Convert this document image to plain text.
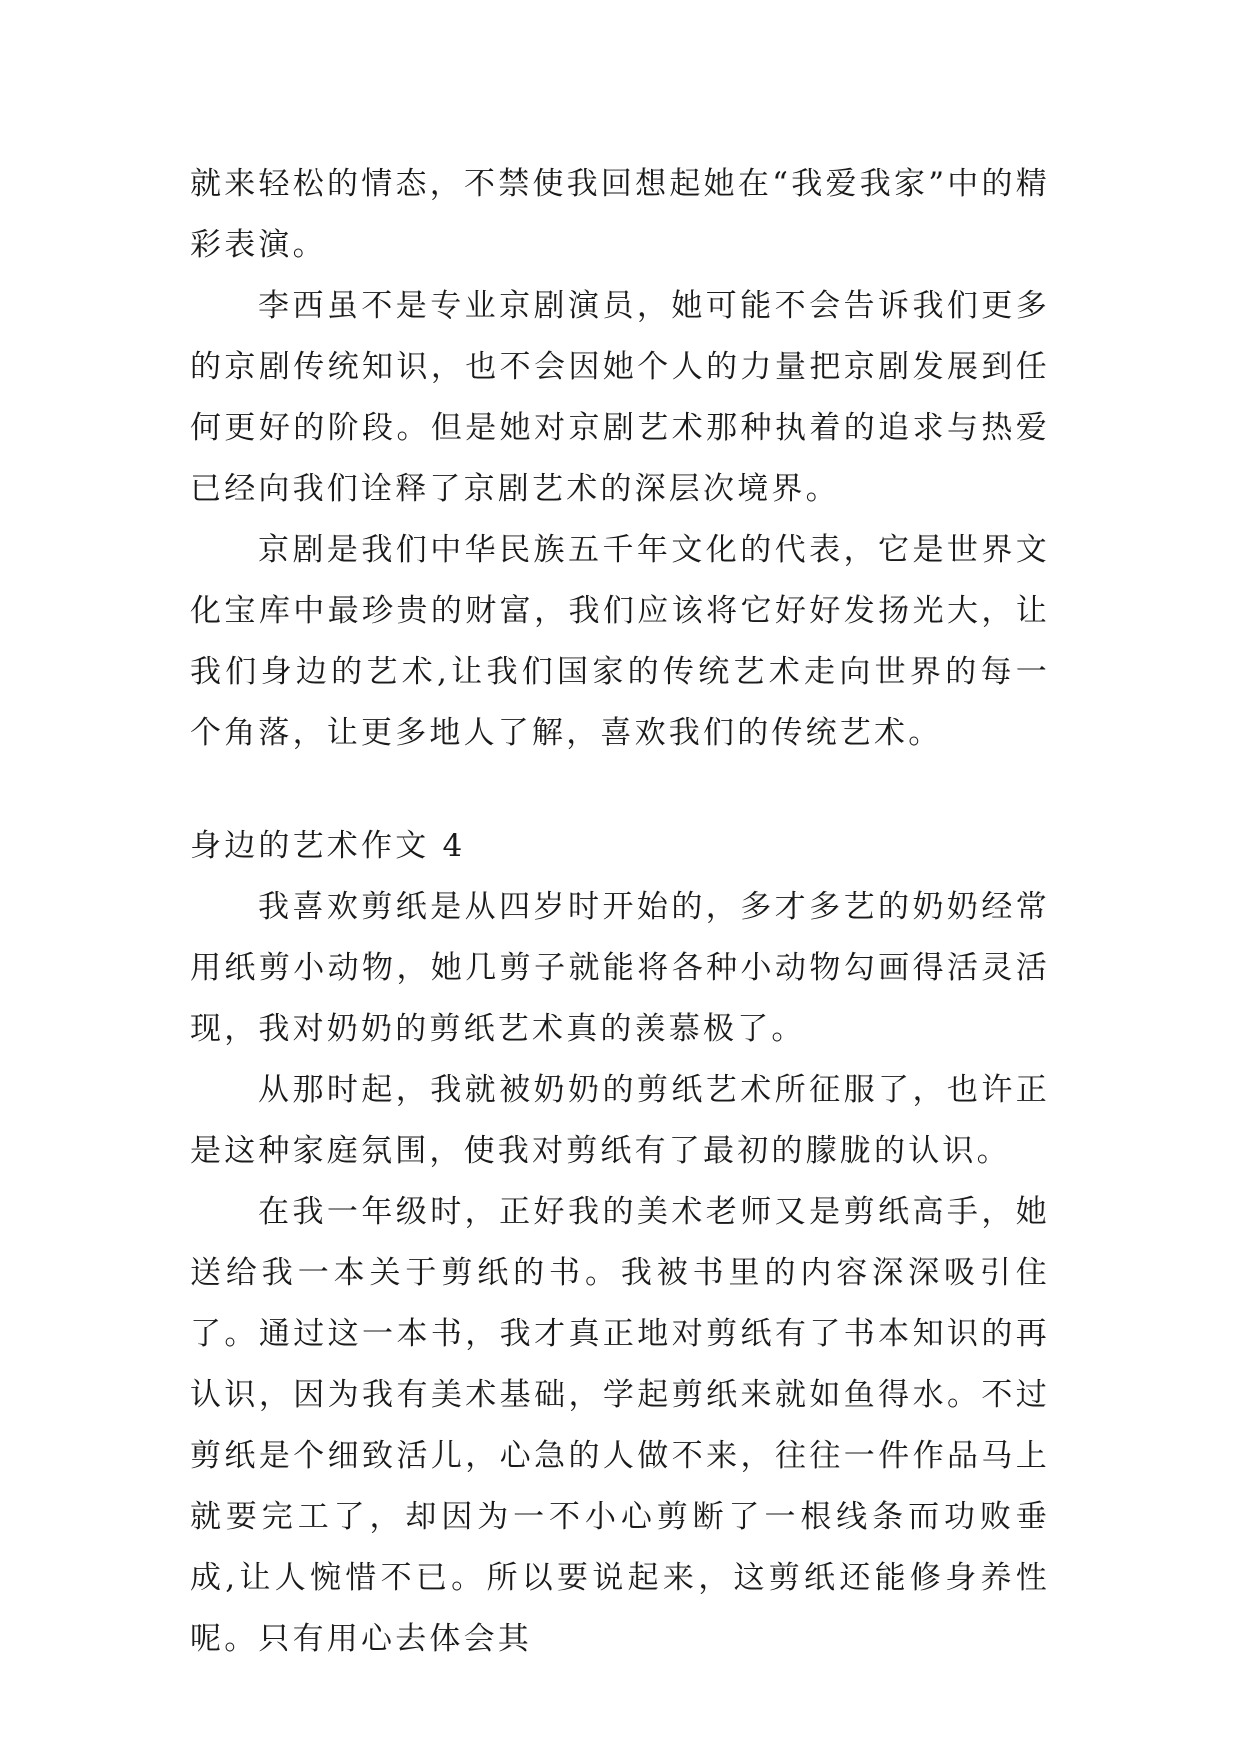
就来轻松的情态，不禁使我回想起她在“我爱我家”中的精彩表演。

李西虽不是专业京剧演员，她可能不会告诉我们更多的京剧传统知识，也不会因她个人的力量把京剧发展到任何更好的阶段。但是她对京剧艺术那种执着的追求与热爱已经向我们诠释了京剧艺术的深层次境界。

京剧是我们中华民族五千年文化的代表，它是世界文化宝库中最珍贵的财富，我们应该将它好好发扬光大，让我们身边的艺术,让我们国家的传统艺术走向世界的每一个角落，让更多地人了解，喜欢我们的传统艺术。

身边的艺术作文 4

我喜欢剪纸是从四岁时开始的，多才多艺的奶奶经常用纸剪小动物，她几剪子就能将各种小动物勾画得活灵活现，我对奶奶的剪纸艺术真的羡慕极了。

从那时起，我就被奶奶的剪纸艺术所征服了，也许正是这种家庭氛围，使我对剪纸有了最初的朦胧的认识。

在我一年级时，正好我的美术老师又是剪纸高手，她送给我一本关于剪纸的书。我被书里的内容深深吸引住了。通过这一本书，我才真正地对剪纸有了书本知识的再认识，因为我有美术基础，学起剪纸来就如鱼得水。不过剪纸是个细致活儿，心急的人做不来，往往一件作品马上就要完工了，却因为一不小心剪断了一根线条而功败垂成,让人惋惜不已。所以要说起来，这剪纸还能修身养性呢。只有用心去体会其
